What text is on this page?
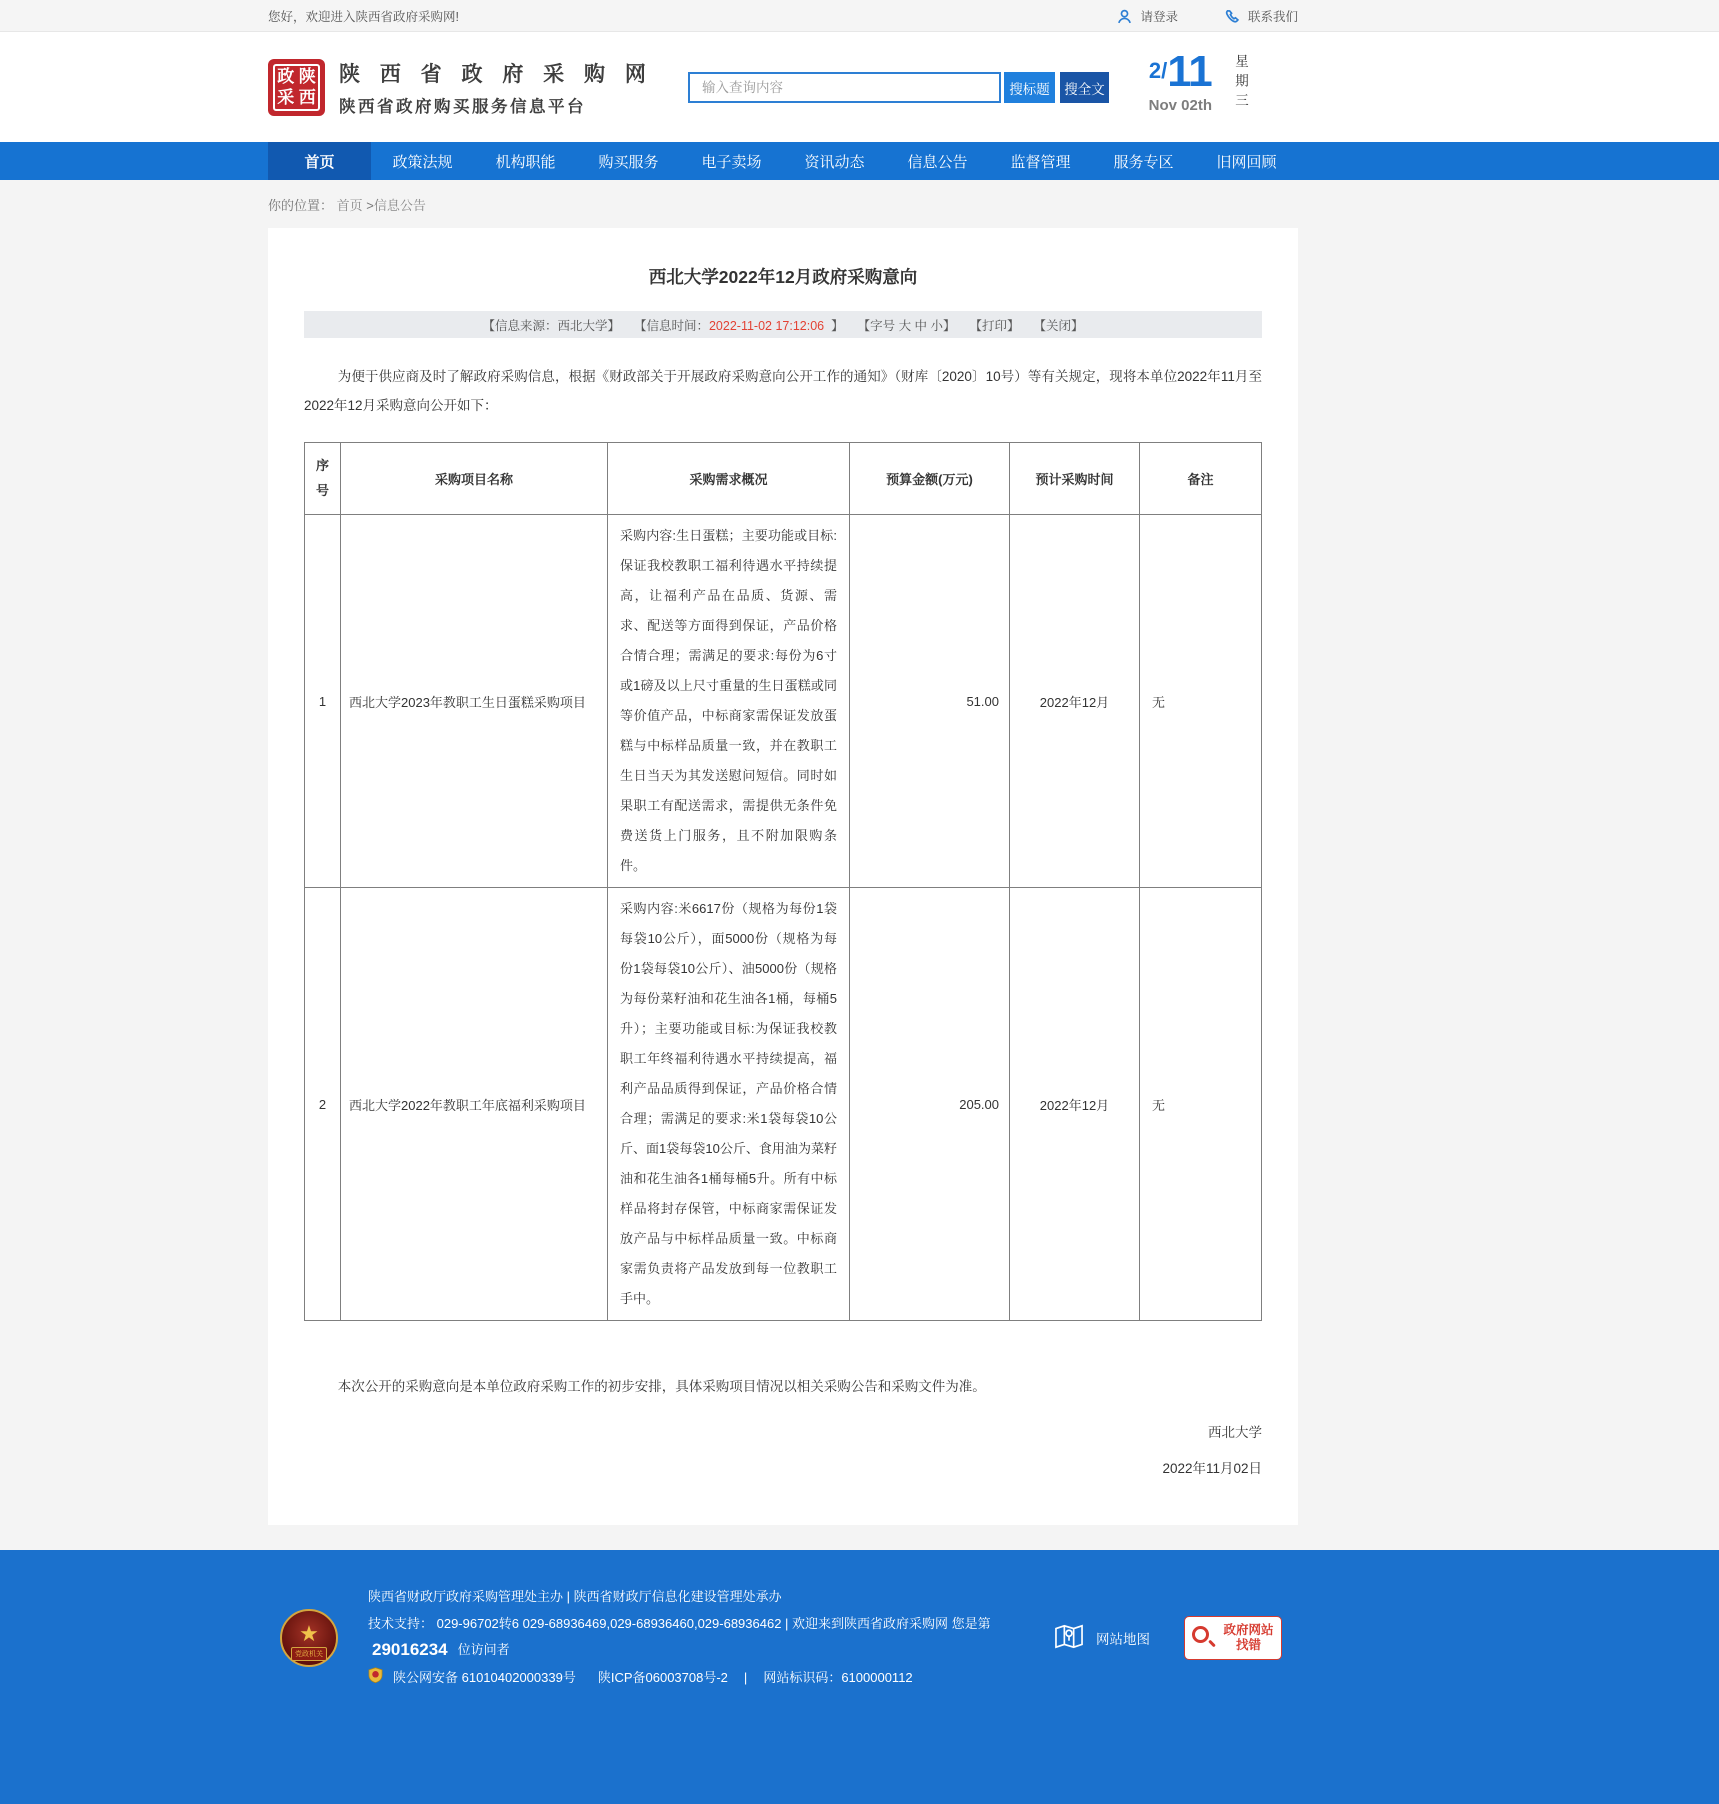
您好，欢迎进入陕西省政府采购网!	请登录	联系我们
政 陕
采 西
陕 西 省 政 府 采 购 网
陕西省政府购买服务信息平台
输入查询内容
搜标题	搜全文
2/11
Nov 02th 星期三
首页	政策法规	机构职能	购买服务	电子卖场	资讯动态	信息公告	监督管理	服务专区	旧网回顾
你的位置： 首页 >信息公告
西北大学2022年12月政府采购意向
【信息来源：西北大学】 【信息时间：2022-11-02 17:12:06 】 【字号 大 中 小】 【打印】 【关闭】

为便于供应商及时了解政府采购信息，根据《财政部关于开展政府采购意向公开工作的通知》（财库〔2020〕10号）等有关规定，现将本单位2022年11月至2022年12月采购意向公开如下：

序号	采购项目名称	采购需求概况	预算金额(万元)	预计采购时间	备注
1	西北大学2023年教职工生日蛋糕采购项目	采购内容:生日蛋糕；主要功能或目标:保证我校教职工福利待遇水平持续提高，让福利产品在品质、货源、需求、配送等方面得到保证，产品价格合情合理；需满足的要求:每份为6寸或1磅及以上尺寸重量的生日蛋糕或同等价值产品，中标商家需保证发放蛋糕与中标样品质量一致，并在教职工生日当天为其发送慰问短信。同时如果职工有配送需求，需提供无条件免费送货上门服务，且不附加限购条件。	51.00	2022年12月	无
2	西北大学2022年教职工年底福利采购项目	采购内容:米6617份（规格为每份1袋每袋10公斤），面5000份（规格为每份1袋每袋10公斤）、油5000份（规格为每份菜籽油和花生油各1桶，每桶5升）；主要功能或目标:为保证我校教职工年终福利待遇水平持续提高，福利产品品质得到保证，产品价格合情合理；需满足的要求:米1袋每袋10公斤、面1袋每袋10公斤、食用油为菜籽油和花生油各1桶每桶5升。所有中标样品将封存保管，中标商家需保证发放产品与中标样品质量一致。中标商家需负责将产品发放到每一位教职工手中。	205.00	2022年12月	无

本次公开的采购意向是本单位政府采购工作的初步安排，具体采购项目情况以相关采购公告和采购文件为准。

西北大学
2022年11月02日
★
党政机关
陕西省财政厅政府采购管理处主办 | 陕西省财政厅信息化建设管理处承办
技术支持： 029-96702转6 029-68936469,029-68936460,029-68936462 | 欢迎来到陕西省政府采购网 您是第
29016234 位访问者
陕公网安备 61010402000339号 陕ICP备06003708号-2 | 网站标识码：6100000112
网站地图
政府网站
找错
